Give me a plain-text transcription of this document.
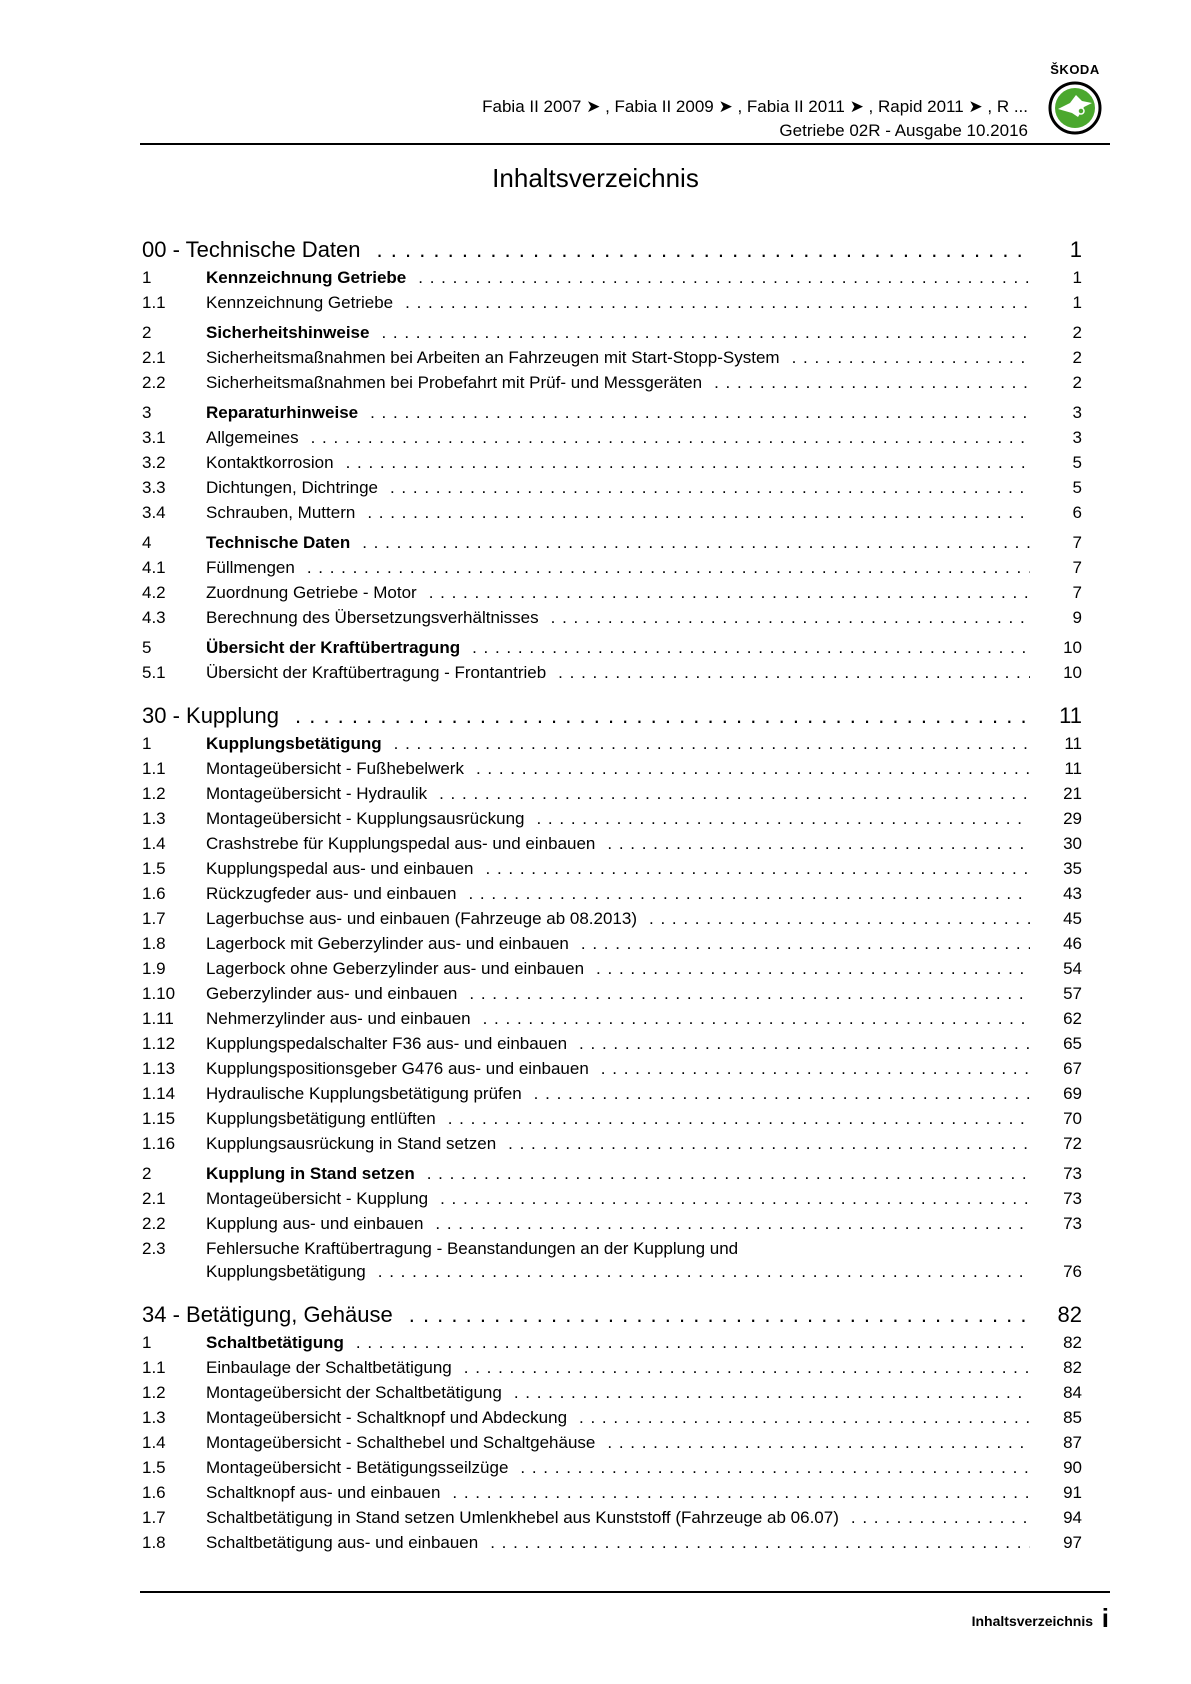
ŠKODA
Fabia II 2007 ➤ , Fabia II 2009 ➤ , Fabia II 2011 ➤ , Rapid 2011 ➤ , R ...
Getriebe 02R - Ausgabe 10.2016
Inhaltsverzeichnis
00 - Technische Daten . . .	1
1	Kennzeichnung Getriebe . . .	1
1.1	Kennzeichnung Getriebe . . .	1
2	Sicherheitshinweise . . .	2
2.1	Sicherheitsmaßnahmen bei Arbeiten an Fahrzeugen mit Start-Stopp-System . . .	2
2.2	Sicherheitsmaßnahmen bei Probefahrt mit Prüf- und Messgeräten . . .	2
3	Reparaturhinweise . . .	3
3.1	Allgemeines . . .	3
3.2	Kontaktkorrosion . . .	5
3.3	Dichtungen, Dichtringe . . .	5
3.4	Schrauben, Muttern . . .	6
4	Technische Daten . . .	7
4.1	Füllmengen . . .	7
4.2	Zuordnung Getriebe - Motor . . .	7
4.3	Berechnung des Übersetzungsverhältnisses . . .	9
5	Übersicht der Kraftübertragung . . .	10
5.1	Übersicht der Kraftübertragung - Frontantrieb . . .	10
30 - Kupplung . . .	11
1	Kupplungsbetätigung . . .	11
1.1	Montageübersicht - Fußhebelwerk . . .	11
1.2	Montageübersicht - Hydraulik . . .	21
1.3	Montageübersicht - Kupplungsausrückung . . .	29
1.4	Crashstrebe für Kupplungspedal aus- und einbauen . . .	30
1.5	Kupplungspedal aus- und einbauen . . .	35
1.6	Rückzugfeder aus- und einbauen . . .	43
1.7	Lagerbuchse aus- und einbauen (Fahrzeuge ab 08.2013) . . .	45
1.8	Lagerbock mit Geberzylinder aus- und einbauen . . .	46
1.9	Lagerbock ohne Geberzylinder aus- und einbauen . . .	54
1.10	Geberzylinder aus- und einbauen . . .	57
1.11	Nehmerzylinder aus- und einbauen . . .	62
1.12	Kupplungspedalschalter F36 aus- und einbauen . . .	65
1.13	Kupplungspositionsgeber G476 aus- und einbauen . . .	67
1.14	Hydraulische Kupplungsbetätigung prüfen . . .	69
1.15	Kupplungsbetätigung entlüften . . .	70
1.16	Kupplungsausrückung in Stand setzen . . .	72
2	Kupplung in Stand setzen . . .	73
2.1	Montageübersicht - Kupplung . . .	73
2.2	Kupplung aus- und einbauen . . .	73
2.3	Fehlersuche Kraftübertragung - Beanstandungen an der Kupplung und
Kupplungsbetätigung . . .	76
34 - Betätigung, Gehäuse . . .	82
1	Schaltbetätigung . . .	82
1.1	Einbaulage der Schaltbetätigung . . .	82
1.2	Montageübersicht der Schaltbetätigung . . .	84
1.3	Montageübersicht - Schaltknopf und Abdeckung . . .	85
1.4	Montageübersicht - Schalthebel und Schaltgehäuse . . .	87
1.5	Montageübersicht - Betätigungsseilzüge . . .	90
1.6	Schaltknopf aus- und einbauen . . .	91
1.7	Schaltbetätigung in Stand setzen Umlenkhebel aus Kunststoff (Fahrzeuge ab 06.07) . . .	94
1.8	Schaltbetätigung aus- und einbauen . . .	97
Inhaltsverzeichnis i
